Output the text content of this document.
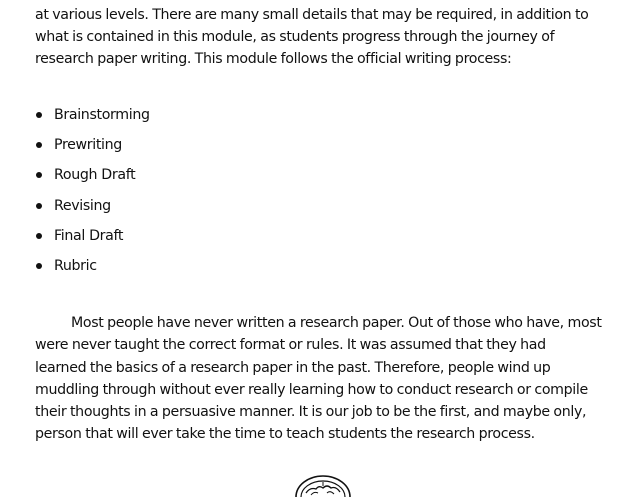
at various levels. There are many small details that may be required, in addition to
what is contained in this module, as students progress through the journey of
research paper writing. This module follows the official writing process:

Brainstorming
Prewriting
Rough Draft
Revising
Final Draft
Rubric

Most people have never written a research paper. Out of those who have, most
were never taught the correct format or rules. It was assumed that they had
learned the basics of a research paper in the past. Therefore, people wind up
muddling through without ever really learning how to conduct research or compile
their thoughts in a persuasive manner. It is our job to be the first, and maybe only,
person that will ever take the time to teach students the research process.
